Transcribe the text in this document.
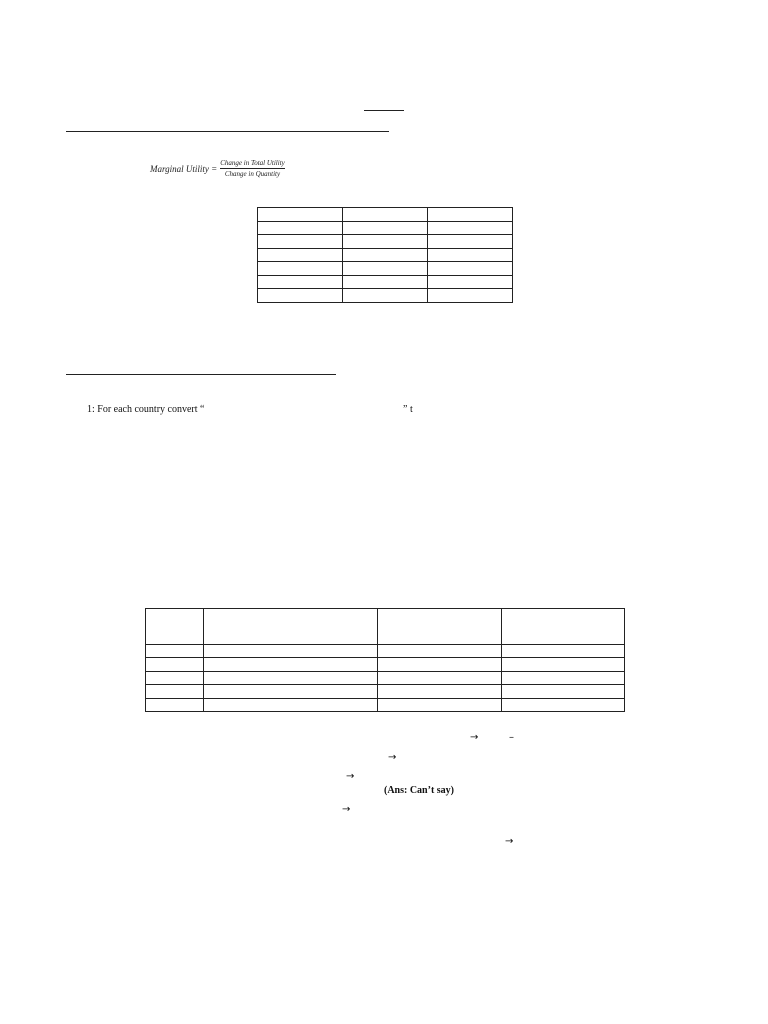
Marginal Utility = $\frac{\text{Change in Total Utility}}{\text{Change in Quantity}}$

1: For each country convert “	” t

→	–
→
→
(Ans: Can’t say)
→
→
